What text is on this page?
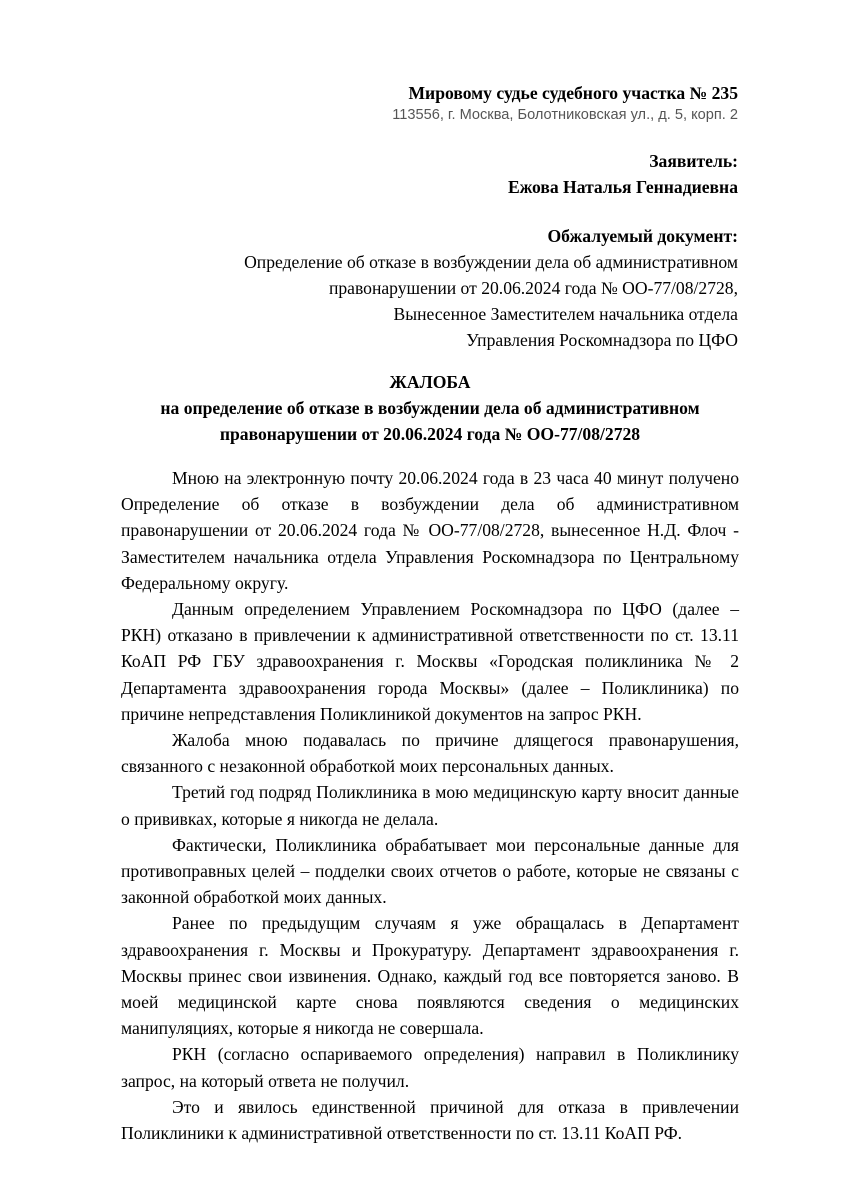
Мировому судье судебного участка № 235
113556, г. Москва, Болотниковская ул., д. 5, корп. 2
Заявитель:
Ежова Наталья Геннадиевна
Обжалуемый документ:
Определение об отказе в возбуждении дела об административном
правонарушении от 20.06.2024 года № ОО-77/08/2728,
Вынесенное Заместителем начальника отдела
Управления Роскомнадзора по ЦФО
ЖАЛОБА
на определение об отказе в возбуждении дела об административном
правонарушении от 20.06.2024 года № ОО-77/08/2728

Мною на электронную почту 20.06.2024 года в 23 часа 40 минут получено Определение об отказе в возбуждении дела об административном правонарушении от 20.06.2024 года № ОО-77/08/2728, вынесенное Н.Д. Флоч - Заместителем начальника отдела Управления Роскомнадзора по Центральному Федеральному округу.

Данным определением Управлением Роскомнадзора по ЦФО (далее – РКН) отказано в привлечении к административной ответственности по ст. 13.11 КоАП РФ ГБУ здравоохранения г. Москвы «Городская поликлиника № 2 Департамента здравоохранения города Москвы» (далее – Поликлиника) по причине непредставления Поликлиникой документов на запрос РКН.

Жалоба мною подавалась по причине длящегося правонарушения, связанного с незаконной обработкой моих персональных данных.

Третий год подряд Поликлиника в мою медицинскую карту вносит данные о прививках, которые я никогда не делала.

Фактически, Поликлиника обрабатывает мои персональные данные для противоправных целей – подделки своих отчетов о работе, которые не связаны с законной обработкой моих данных.

Ранее по предыдущим случаям я уже обращалась в Департамент здравоохранения г. Москвы и Прокуратуру. Департамент здравоохранения г. Москвы принес свои извинения. Однако, каждый год все повторяется заново. В моей медицинской карте снова появляются сведения о медицинских манипуляциях, которые я никогда не совершала.

РКН (согласно оспариваемого определения) направил в Поликлинику запрос, на который ответа не получил.

Это и явилось единственной причиной для отказа в привлечении Поликлиники к административной ответственности по ст. 13.11 КоАП РФ.
